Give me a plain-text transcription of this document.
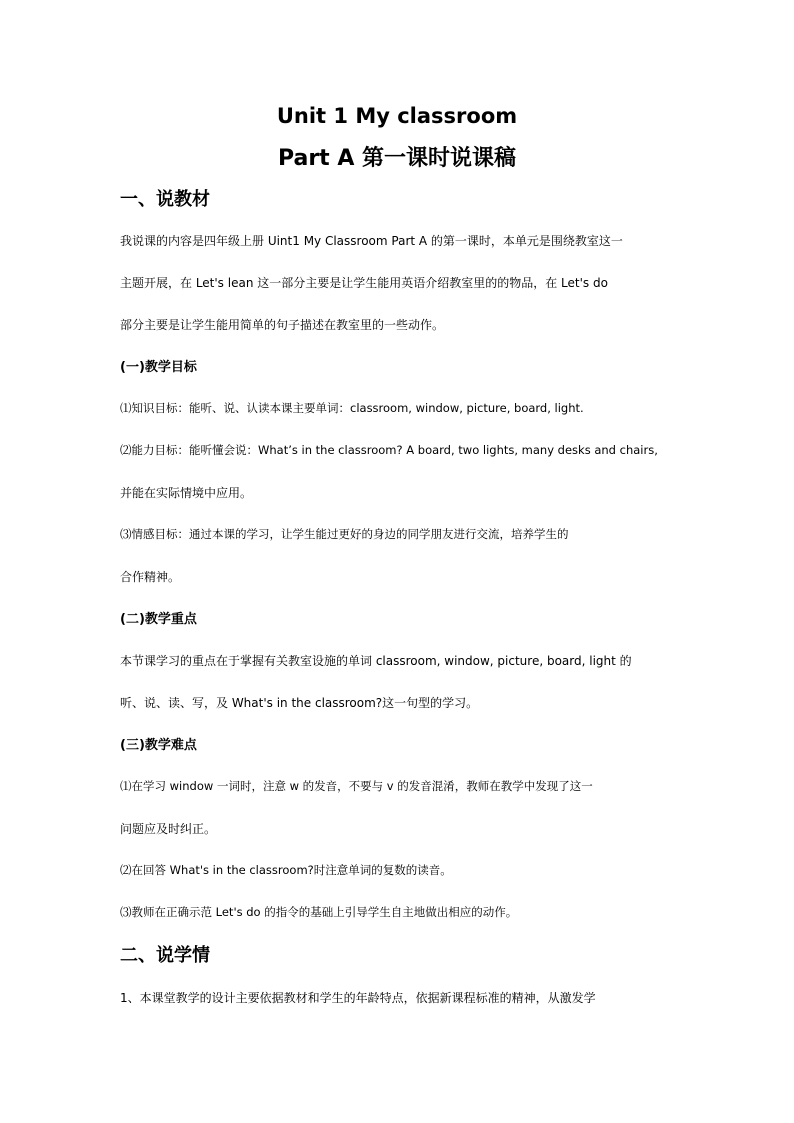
Unit 1 My classroom
Part A 第一课时说课稿
一、说教材
我说课的内容是四年级上册 Uint1 My Classroom Part A 的第一课时，本单元是围绕教室这一
主题开展，在 Let's lean 这一部分主要是让学生能用英语介绍教室里的的物品，在 Let's do
部分主要是让学生能用简单的句子描述在教室里的一些动作。
(一)教学目标
⑴知识目标：能听、说、认读本课主要单词：classroom, window, picture, board, light.
⑵能力目标：能听懂会说：What’s in the classroom? A board, two lights, many desks and chairs,
并能在实际情境中应用。
⑶情感目标：通过本课的学习，让学生能过更好的身边的同学朋友进行交流，培养学生的
合作精神。
(二)教学重点
本节课学习的重点在于掌握有关教室设施的单词 classroom, window, picture, board, light 的
听、说、读、写，及 What's in the classroom?这一句型的学习。
(三)教学难点
⑴在学习 window 一词时，注意 w 的发音，不要与 v 的发音混淆，教师在教学中发现了这一
问题应及时纠正。
⑵在回答 What's in the classroom?时注意单词的复数的读音。
⑶教师在正确示范 Let's do 的指令的基础上引导学生自主地做出相应的动作。
二、说学情
1、本课堂教学的设计主要依据教材和学生的年龄特点，依据新课程标准的精神，从激发学
